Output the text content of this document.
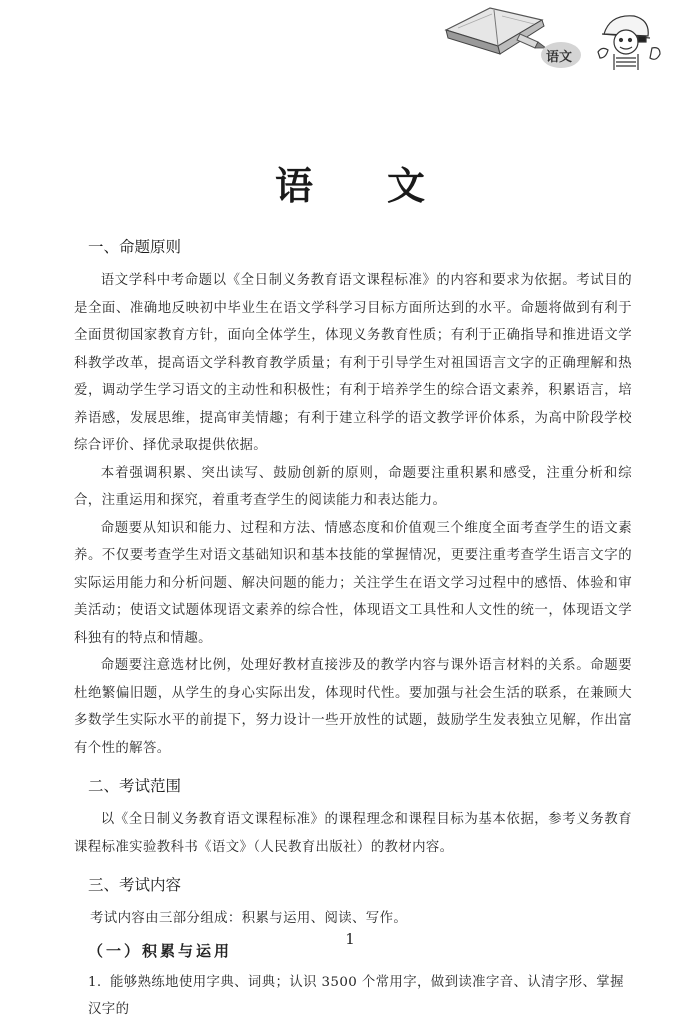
语文
语文
一、命题原则

语文学科中考命题以《全日制义务教育语文课程标准》的内容和要求为依据。考试目的是全面、准确地反映初中毕业生在语文学科学习目标方面所达到的水平。命题将做到有利于全面贯彻国家教育方针，面向全体学生，体现义务教育性质；有利于正确指导和推进语文学科教学改革，提高语文学科教育教学质量；有利于引导学生对祖国语言文字的正确理解和热爱，调动学生学习语文的主动性和积极性；有利于培养学生的综合语文素养，积累语言，培养语感，发展思维，提高审美情趣；有利于建立科学的语文教学评价体系，为高中阶段学校综合评价、择优录取提供依据。

本着强调积累、突出读写、鼓励创新的原则，命题要注重积累和感受，注重分析和综合，注重运用和探究，着重考查学生的阅读能力和表达能力。

命题要从知识和能力、过程和方法、情感态度和价值观三个维度全面考查学生的语文素养。不仅要考查学生对语文基础知识和基本技能的掌握情况，更要注重考查学生语言文字的实际运用能力和分析问题、解决问题的能力；关注学生在语文学习过程中的感悟、体验和审美活动；使语文试题体现语文素养的综合性，体现语文工具性和人文性的统一，体现语文学科独有的特点和情趣。

命题要注意选材比例，处理好教材直接涉及的教学内容与课外语言材料的关系。命题要杜绝繁偏旧题，从学生的身心实际出发，体现时代性。要加强与社会生活的联系，在兼顾大多数学生实际水平的前提下，努力设计一些开放性的试题，鼓励学生发表独立见解，作出富有个性的解答。

二、考试范围

以《全日制义务教育语文课程标准》的课程理念和课程目标为基本依据，参考义务教育课程标准实验教科书《语文》（人民教育出版社）的教材内容。

三、考试内容

考试内容由三部分组成：积累与运用、阅读、写作。

（一）积累与运用
1. 能够熟练地使用字典、词典；认识 3500 个常用字，做到读准字音、认清字形、掌握汉字的
1
